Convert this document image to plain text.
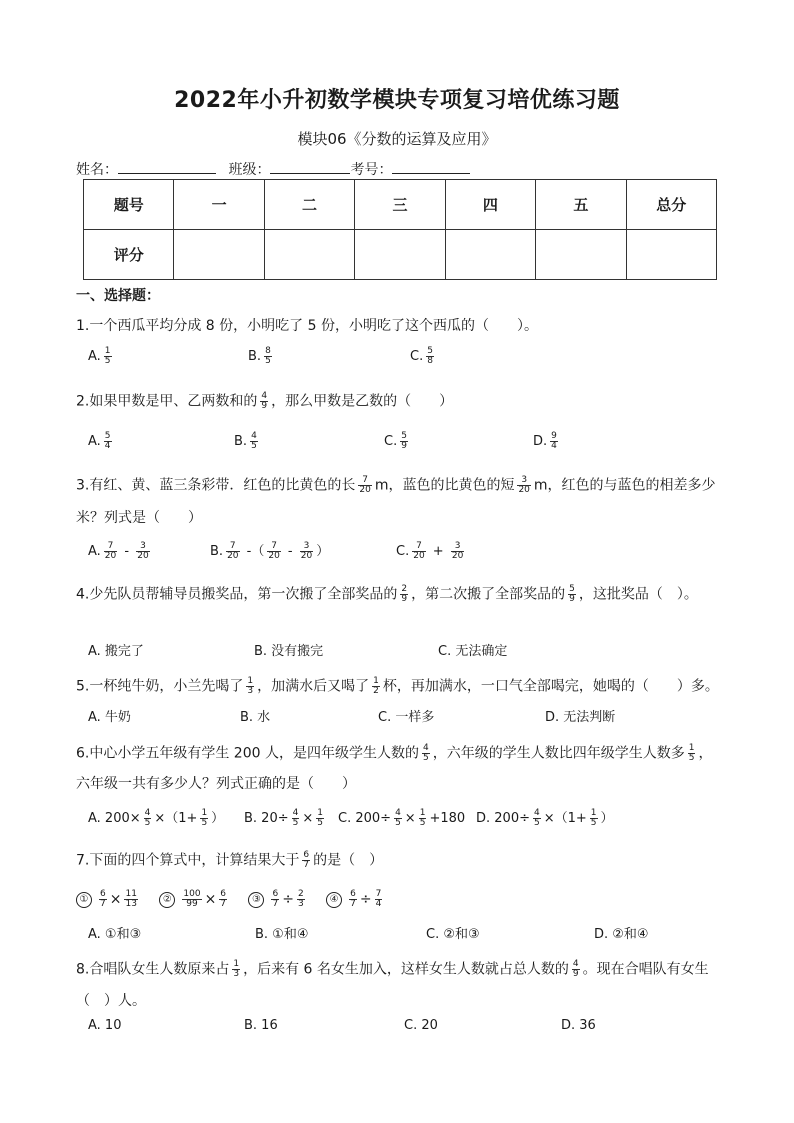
2022年小升初数学模块专项复习培优练习题
模块06《分数的运算及应用》
姓名：	班级：	考号：
题号	一	二	三	四	五	总分
评分						
一、选择题：
1.一个西瓜平均分成 8 份，小明吃了 5 份，小明吃了这个西瓜的（　　）。
A. $\frac{1}{5}$	B. $\frac{8}{5}$	C. $\frac{5}{8}$
2.如果甲数是甲、乙两数和的 $\frac{4}{9}$ ，那么甲数是乙数的（　　）
A. $\frac{5}{4}$	B. $\frac{4}{5}$	C. $\frac{5}{9}$	D. $\frac{9}{4}$
3.有红、黄、蓝三条彩带．红色的比黄色的长 $\frac{7}{20}$ m，蓝色的比黄色的短 $\frac{3}{20}$ m，红色的与蓝色的相差多少
米？列式是（　　）
A. $\frac{7}{20} - \frac{3}{20}$	B. $\frac{7}{20}$ -（ $\frac{7}{20} - \frac{3}{20}$ ）	C. $\frac{7}{20} + \frac{3}{20}$
4.少先队员帮辅导员搬奖品，第一次搬了全部奖品的 $\frac{2}{9}$ ，第二次搬了全部奖品的 $\frac{5}{9}$ ，这批奖品（　）。
A. 搬完了	B. 没有搬完	C. 无法确定
5.一杯纯牛奶，小兰先喝了 $\frac{1}{3}$ ，加满水后又喝了 $\frac{1}{2}$ 杯，再加满水，一口气全部喝完，她喝的（　　）多。
A. 牛奶	B. 水	C. 一样多	D. 无法判断
6.中心小学五年级有学生 200 人，是四年级学生人数的 $\frac{4}{5}$ ，六年级的学生人数比四年级学生人数多 $\frac{1}{5}$ ，
六年级一共有多少人？列式正确的是（　　）
A. $200\times \frac{4}{5} \times(1+ \frac{1}{5}$ ） B. $20\div \frac{4}{5} \times \frac{1}{5} C$. $200\div \frac{4}{5} \times \frac{1}{5} +180$ D. $200\div \frac{4}{5} \times(1+ \frac{1}{5}$ ）
7.下面的四个算式中，计算结果大于 $\frac{6}{7}$ 的是（　）
① $\frac{6}{7} \times \frac{11}{13}$ ② $\frac{100}{99} \times \frac{6}{7}$ ③ $\frac{6}{7} \div \frac{2}{3}$ ④ $\frac{6}{7} \div \frac{7}{4}$
A. ①和③	B. ①和④	C. ②和③	D. ②和④
8.合唱队女生人数原来占 $\frac{1}{3}$ ，后来有 6 名女生加入，这样女生人数就占总人数的 $\frac{4}{9}$ 。现在合唱队有女生
（　）人。
A. 10	B. 16	C. 20	D. 36
